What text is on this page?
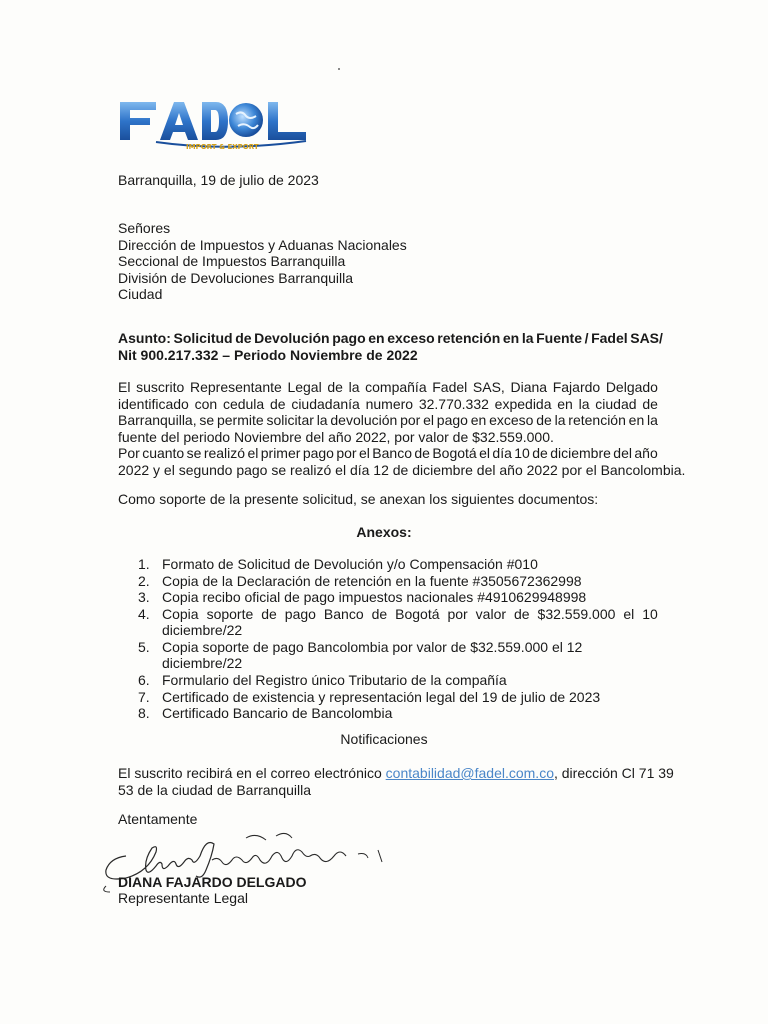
IMPORT & EXPORT
Barranquilla, 19 de julio de 2023
Señores
Dirección de Impuestos y Aduanas Nacionales
Seccional de Impuestos Barranquilla
División de Devoluciones Barranquilla
Ciudad
Asunto: Solicitud de Devolución pago en exceso retención en la Fuente / Fadel SAS/
Nit 900.217.332 – Periodo Noviembre de 2022
El suscrito Representante Legal de la compañía Fadel SAS, Diana Fajardo Delgado
identificado con cedula de ciudadanía numero 32.770.332 expedida en la ciudad de
Barranquilla, se permite solicitar la devolución por el pago en exceso de la retención en la
fuente del periodo Noviembre del año 2022, por valor de $32.559.000.
Por cuanto se realizó el primer pago por el Banco de Bogotá el día 10 de diciembre del año
2022 y el segundo pago se realizó el día 12 de diciembre del año 2022 por el Bancolombia.
Como soporte de la presente solicitud, se anexan los siguientes documentos:
Anexos:
1. Formato de Solicitud de Devolución y/o Compensación #010
2. Copia de la Declaración de retención en la fuente #3505672362998
3. Copia recibo oficial de pago impuestos nacionales #4910629948998
4. Copia soporte de pago Banco de Bogotá por valor de $32.559.000 el 10
diciembre/22
5. Copia soporte de pago Bancolombia por valor de $32.559.000 el 12 diciembre/22
6. Formulario del Registro único Tributario de la compañía
7. Certificado de existencia y representación legal del 19 de julio de 2023
8. Certificado Bancario de Bancolombia
Notificaciones
El suscrito recibirá en el correo electrónico contabilidad@fadel.com.co, dirección Cl 71 39
53 de la ciudad de Barranquilla
Atentamente
DIANA FAJARDO DELGADO
Representante Legal
